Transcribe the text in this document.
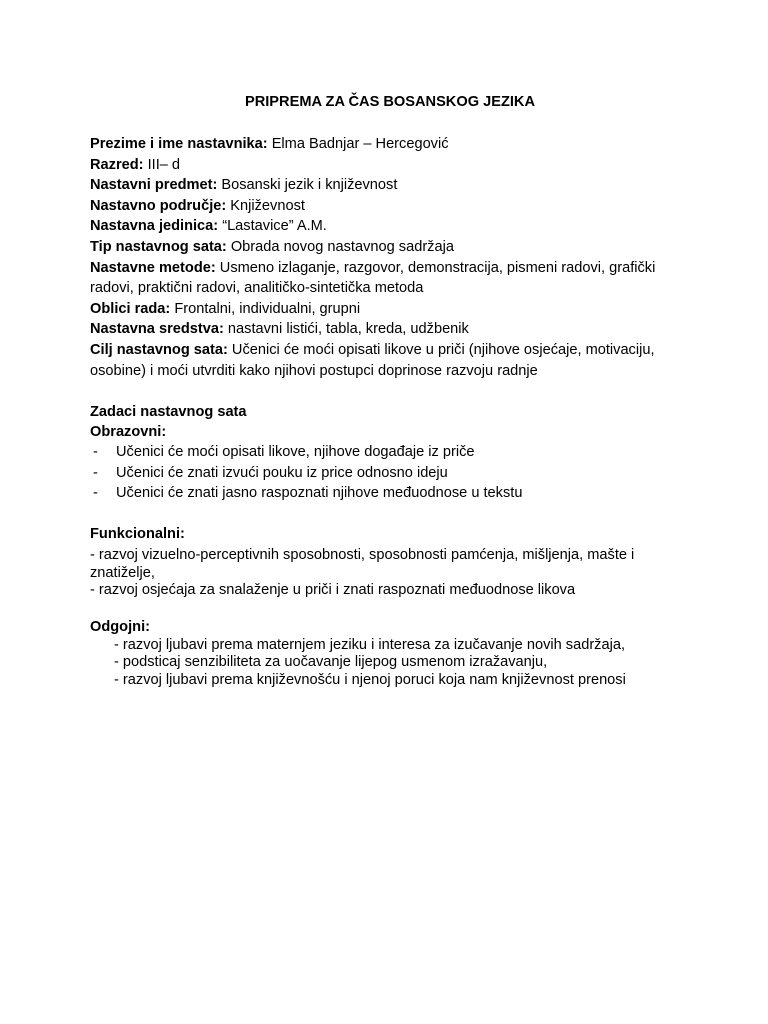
PRIPREMA ZA ČAS BOSANSKOG JEZIKA

Prezime i ime nastavnika: Elma Badnjar – Hercegović

Razred: III– d

Nastavni predmet: Bosanski jezik i književnost

Nastavno područje: Književnost

Nastavna jedinica: “Lastavice” A.M.

Tip nastavnog sata: Obrada novog nastavnog sadržaja

Nastavne metode: Usmeno izlaganje, razgovor, demonstracija, pismeni radovi, grafički radovi, praktični radovi, analitičko-sintetička metoda

Oblici rada: Frontalni, individualni, grupni

Nastavna sredstva: nastavni listići, tabla, kreda, udžbenik

Cilj nastavnog sata: Učenici će moći opisati likove u priči (njihove osjećaje, motivaciju, osobine) i moći utvrditi kako njihovi postupci doprinose razvoju radnje

Zadaci nastavnog sata

Obrazovni:

- Učenici će moći opisati likove, njihove događaje iz priče
- Učenici će znati izvući pouku iz price odnosno ideju
- Učenici će znati jasno raspoznati njihove međuodnose u tekstu

Funkcionalni:

- razvoj vizuelno-perceptivnih sposobnosti, sposobnosti pamćenja, mišljenja, mašte i znatiželje,

- razvoj osjećaja za snalaženje u priči i znati raspoznati međuodnose likova

Odgojni:

- razvoj ljubavi prema maternjem jeziku i interesa za izučavanje novih sadržaja,
- podsticaj senzibiliteta za uočavanje lijepog usmenom izražavanju,
- razvoj ljubavi prema književnošću i njenoj poruci koja nam književnost prenosi
